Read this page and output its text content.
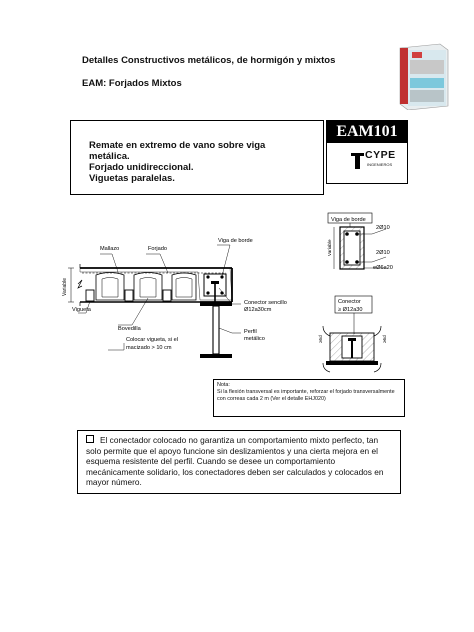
Detalles Constructivos metálicos, de hormigón y mixtos
EAM: Forjados Mixtos
Remate en extremo de vano sobre viga
metálica.
Forjado unidireccional.
Viguetas paralelas.
EAM101
CYPE
INGENIEROS
Variable
Mallazo	Forjado
Viga de borde
Vigueta
Bovedilla
Conector sencillo
Ø12a30cm
Perfil
metálico
Colocar vigueta, si el
macizado > 10 cm
Viga de borde
Variable
2Ø10
2Ø10
eØ6a20
Conector
≥ Ø12a30
≥5d	≥6d
Nota:
Si la flexión transversal es importante, reforzar el forjado transversalmente con correas cada 2 m (Ver el detalle EHJ020)
El conectador colocado no garantiza un comportamiento mixto perfecto, tan solo permite que el apoyo funcione sin deslizamientos y una cierta mejora en el esquema resistente del perfil. Cuando se desee un comportamiento mecánicamente solidario, los conectadores deben ser calculados y colocados en mayor número.
